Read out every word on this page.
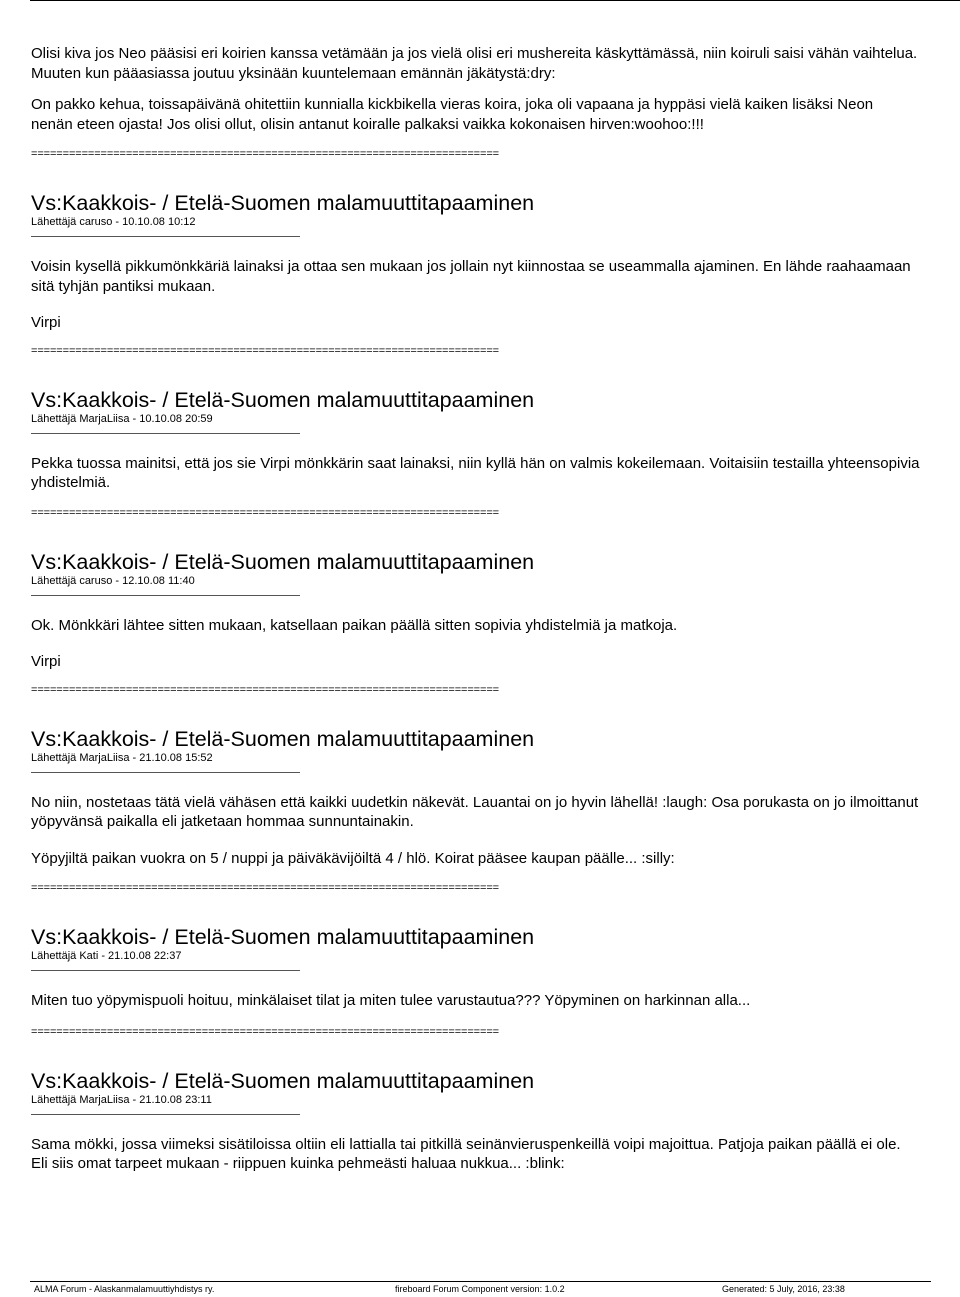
Olisi kiva jos Neo pääsisi eri koirien kanssa vetämään ja jos vielä olisi eri mushereita käskyttämässä, niin koiruli saisi vähän vaihtelua.
Muuten kun pääasiassa joutuu yksinään kuuntelemaan emännän jäkätystä:dry:
On pakko kehua, toissapäivänä ohitettiin kunnialla kickbikella vieras koira, joka oli vapaana ja hyppäsi vielä kaiken lisäksi Neon
nenän eteen ojasta! Jos olisi ollut, olisin antanut koiralle palkaksi vaikka kokonaisen hirven:woohoo:!!!
==========================================================================
Vs:Kaakkois- / Etelä-Suomen malamuuttitapaaminen
Lähettäjä caruso - 10.10.08 10:12
Voisin kysellä pikkumönkkäriä lainaksi ja ottaa sen mukaan jos jollain nyt kiinnostaa se useammalla ajaminen. En lähde raahaamaan sitä tyhjän pantiksi mukaan.
Virpi
==========================================================================
Vs:Kaakkois- / Etelä-Suomen malamuuttitapaaminen
Lähettäjä MarjaLiisa - 10.10.08 20:59
Pekka tuossa mainitsi, että jos sie Virpi mönkkärin saat lainaksi, niin kyllä hän on valmis kokeilemaan. Voitaisiin testailla yhteensopivia yhdistelmiä.
==========================================================================
Vs:Kaakkois- / Etelä-Suomen malamuuttitapaaminen
Lähettäjä caruso - 12.10.08 11:40
Ok. Mönkkäri lähtee sitten mukaan, katsellaan paikan päällä sitten sopivia yhdistelmiä ja matkoja.
Virpi
==========================================================================
Vs:Kaakkois- / Etelä-Suomen malamuuttitapaaminen
Lähettäjä MarjaLiisa - 21.10.08 15:52
No niin, nostetaas tätä vielä vähäsen että kaikki uudetkin näkevät. Lauantai on jo hyvin lähellä! :laugh: Osa porukasta on jo ilmoittanut yöpyvänsä paikalla eli jatketaan hommaa sunnuntainakin.
Yöpyjiltä paikan vuokra on 5 / nuppi ja päiväkävijöiltä 4 / hlö. Koirat pääsee kaupan päälle... :silly:
==========================================================================
Vs:Kaakkois- / Etelä-Suomen malamuuttitapaaminen
Lähettäjä Kati - 21.10.08 22:37
Miten tuo yöpymispuoli hoituu, minkälaiset tilat ja miten tulee varustautua??? Yöpyminen on harkinnan alla...
==========================================================================
Vs:Kaakkois- / Etelä-Suomen malamuuttitapaaminen
Lähettäjä MarjaLiisa - 21.10.08 23:11
Sama mökki, jossa viimeksi sisätiloissa oltiin eli lattialla tai pitkillä seinänvieruspenkeillä voipi majoittua. Patjoja paikan päällä ei ole.
Eli siis omat tarpeet mukaan - riippuen kuinka pehmeästi haluaa nukkua... :blink:
ALMA Forum - Alaskanmalamuuttiyhdistys ry.	fireboard Forum Component version: 1.0.2	Generated: 5 July, 2016, 23:38
